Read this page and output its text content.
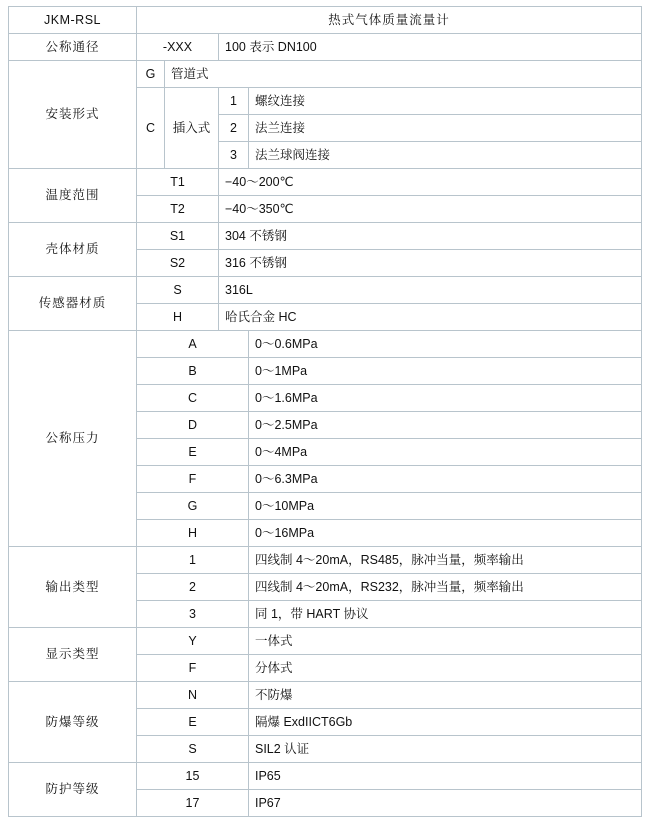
JKM-RSL	热式气体质量流量计			
公称通径	-XXX		100 表示 DN100	
安装形式	G	管道式		
	C	插入式	1	螺纹连接
			2	法兰连接
			3	法兰球阀连接
温度范围	T1		−40～200℃	
	T2		−40～350℃	
壳体材质	S1		304 不锈钢	
	S2		316 不锈钢	
传感器材质	S		316L	
	H		哈氏合金 HC	
公称压力	A			0～0.6MPa
	B			0～1MPa
	C			0～1.6MPa
	D			0～2.5MPa
	E			0～4MPa
	F			0～6.3MPa
	G			0～10MPa
	H			0～16MPa
输出类型	1			四线制 4～20mA，RS485，脉冲当量，频率输出
	2			四线制 4～20mA，RS232，脉冲当量，频率输出
	3			同 1，带 HART 协议
显示类型	Y			一体式
	F			分体式
防爆等级	N			不防爆
	E			隔爆 ExdIICT6Gb
	S			SIL2 认证
防护等级	15			IP65
	17			IP67
